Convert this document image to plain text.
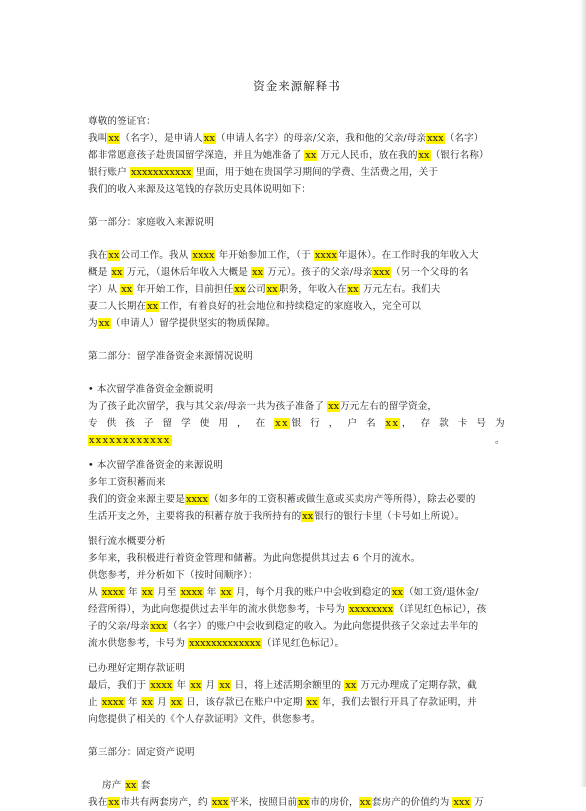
资金来源解释书

尊敬的签证官：

我叫xx（名字），是申请人xx（申请人名字）的母亲/父亲，我和他的父亲/母亲xxx（名字）

都非常愿意孩子赴贵国留学深造，并且为她准备了 xx 万元人民币，放在我的xx（银行名称）

银行账户 xxxxxxxxxxx 里面，用于她在贵国学习期间的学费、生活费之用，关于

我们的收入来源及这笔钱的存款历史具体说明如下：

第一部分：家庭收入来源说明

我在xx公司工作。我从 xxxx 年开始参加工作，（于 xxxx年退休）。在工作时我的年收入大

概是 xx 万元，（退休后年收入大概是 xx 万元）。孩子的父亲/母亲xxx（另一个父母的名

字）从 xx 年开始工作，目前担任xx公司xx职务，年收入在xx 万元左右。我们夫

妻二人长期在xx工作，有着良好的社会地位和持续稳定的家庭收入，完全可以

为xx（申请人）留学提供坚实的物质保障。

第二部分：留学准备资金来源情况说明

• 本次留学准备资金金额说明

为了孩子此次留学，我与其父亲/母亲一共为孩子准备了 xx万元左右的留学资金，

专 供 孩 子 留 学 使 用 ， 在 xx银 行 ， 户 名 xx， 存 款 卡 号 为 xxxxxxxxxxxx。

• 本次留学准备资金的来源说明

多年工资积蓄而来

我们的资金来源主要是xxxx（如多年的工资积蓄或做生意或买卖房产等所得），除去必要的

生活开支之外，主要将我的积蓄存放于我所持有的xx银行的银行卡里（卡号如上所说）。

银行流水概要分析

多年来，我积极进行着资金管理和储蓄。为此向您提供其过去 6 个月的流水。

供您参考，并分析如下（按时间顺序）：

从 xxxx 年 xx 月至 xxxx 年 xx 月，每个月我的账户中会收到稳定的xx（如工资/退休金/

经营所得），为此向您提供过去半年的流水供您参考，卡号为 xxxxxxxx（详见红色标记），孩

子的父亲/母亲xxx（名字）的账户中会收到稳定的收入。为此向您提供孩子父亲过去半年的

流水供您参考，卡号为 xxxxxxxxxxxxx（详见红色标记）。

已办理好定期存款证明

最后，我们于 xxxx 年 xx 月 xx 日，将上述活期余额里的 xx 万元办理成了定期存款，截

止 xxxx 年 xx 月 xx 日，该存款已在账户中定期 xx 年，我们去银行开具了存款证明，并

向您提供了相关的《个人存款证明》文件，供您参考。

第三部分：固定资产说明

房产 xx 套

我在xx市共有两套房产，约 xxx平米，按照目前xx市的房价，xx套房产的价值约为 xxx 万
